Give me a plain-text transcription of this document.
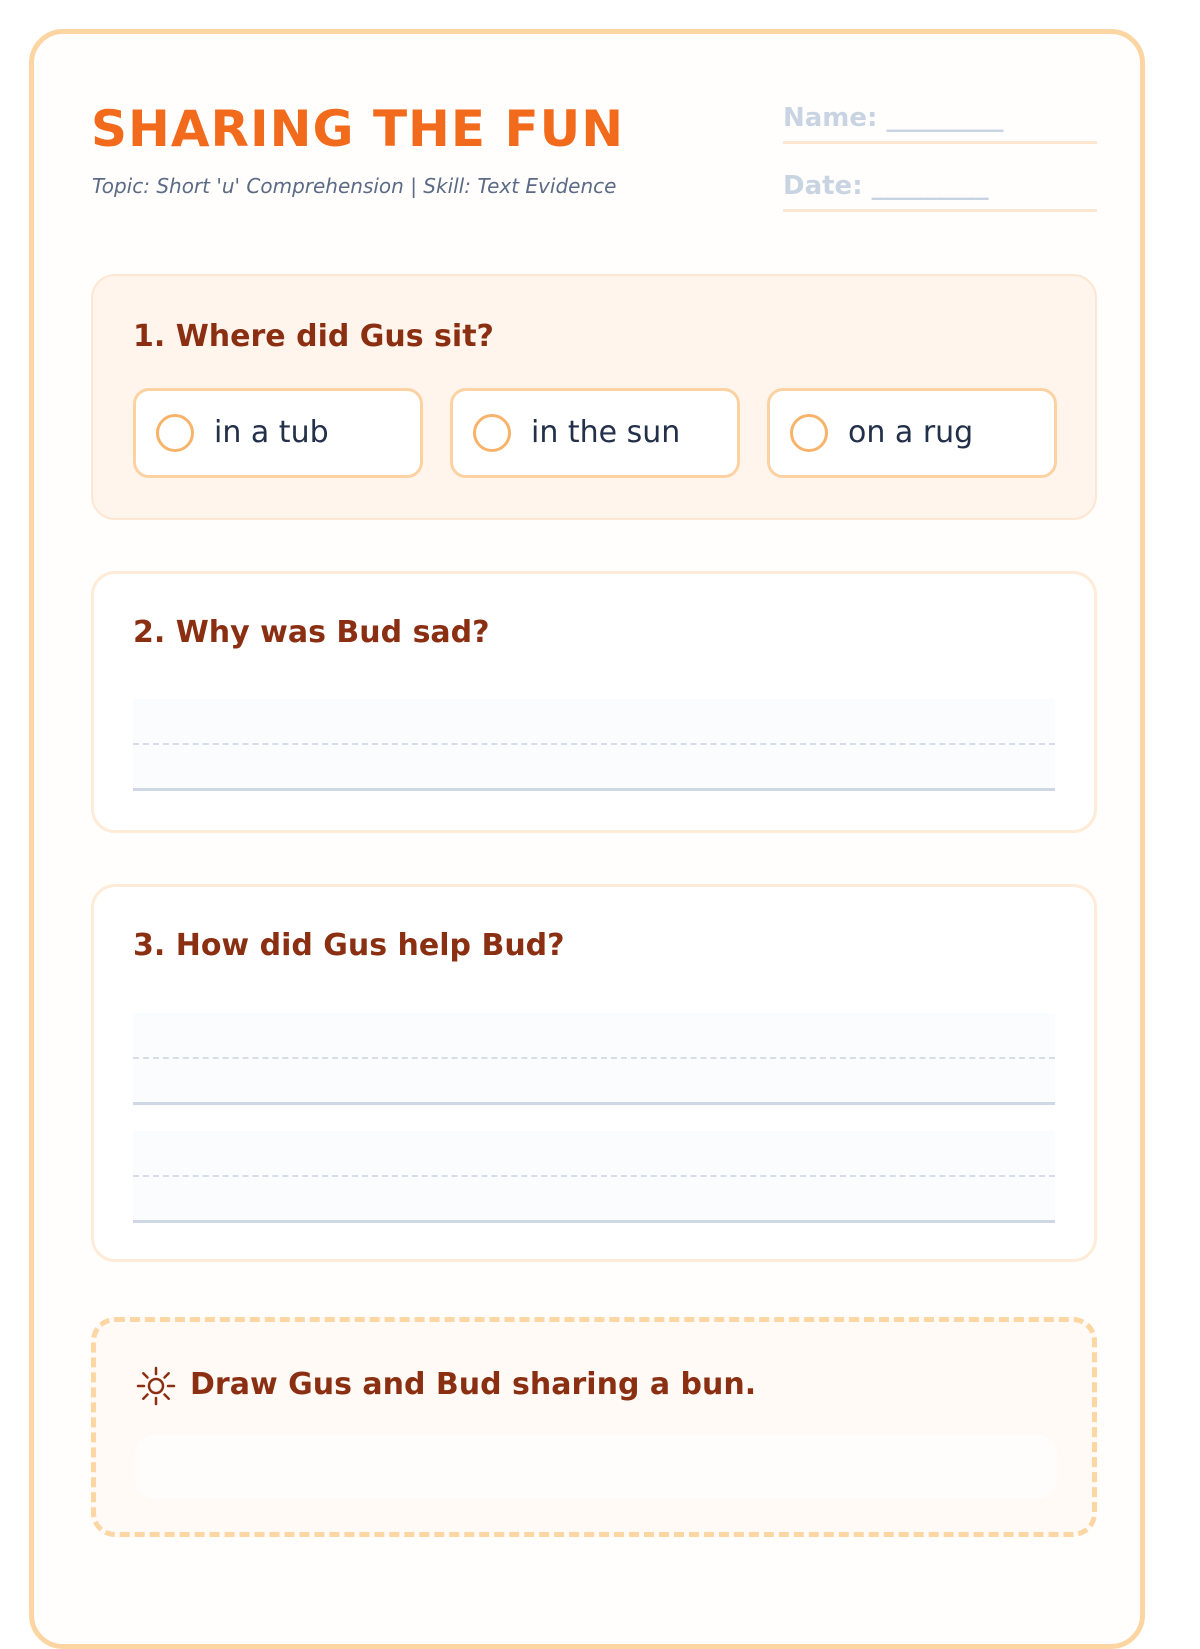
SHARING THE FUN
Topic: Short 'u' Comprehension | Skill: Text Evidence
Name: _________
Date: _________
1. Where did Gus sit?
in a tub	in the sun	on a rug
2. Why was Bud sad?
3. How did Gus help Bud?
Draw Gus and Bud sharing a bun.
